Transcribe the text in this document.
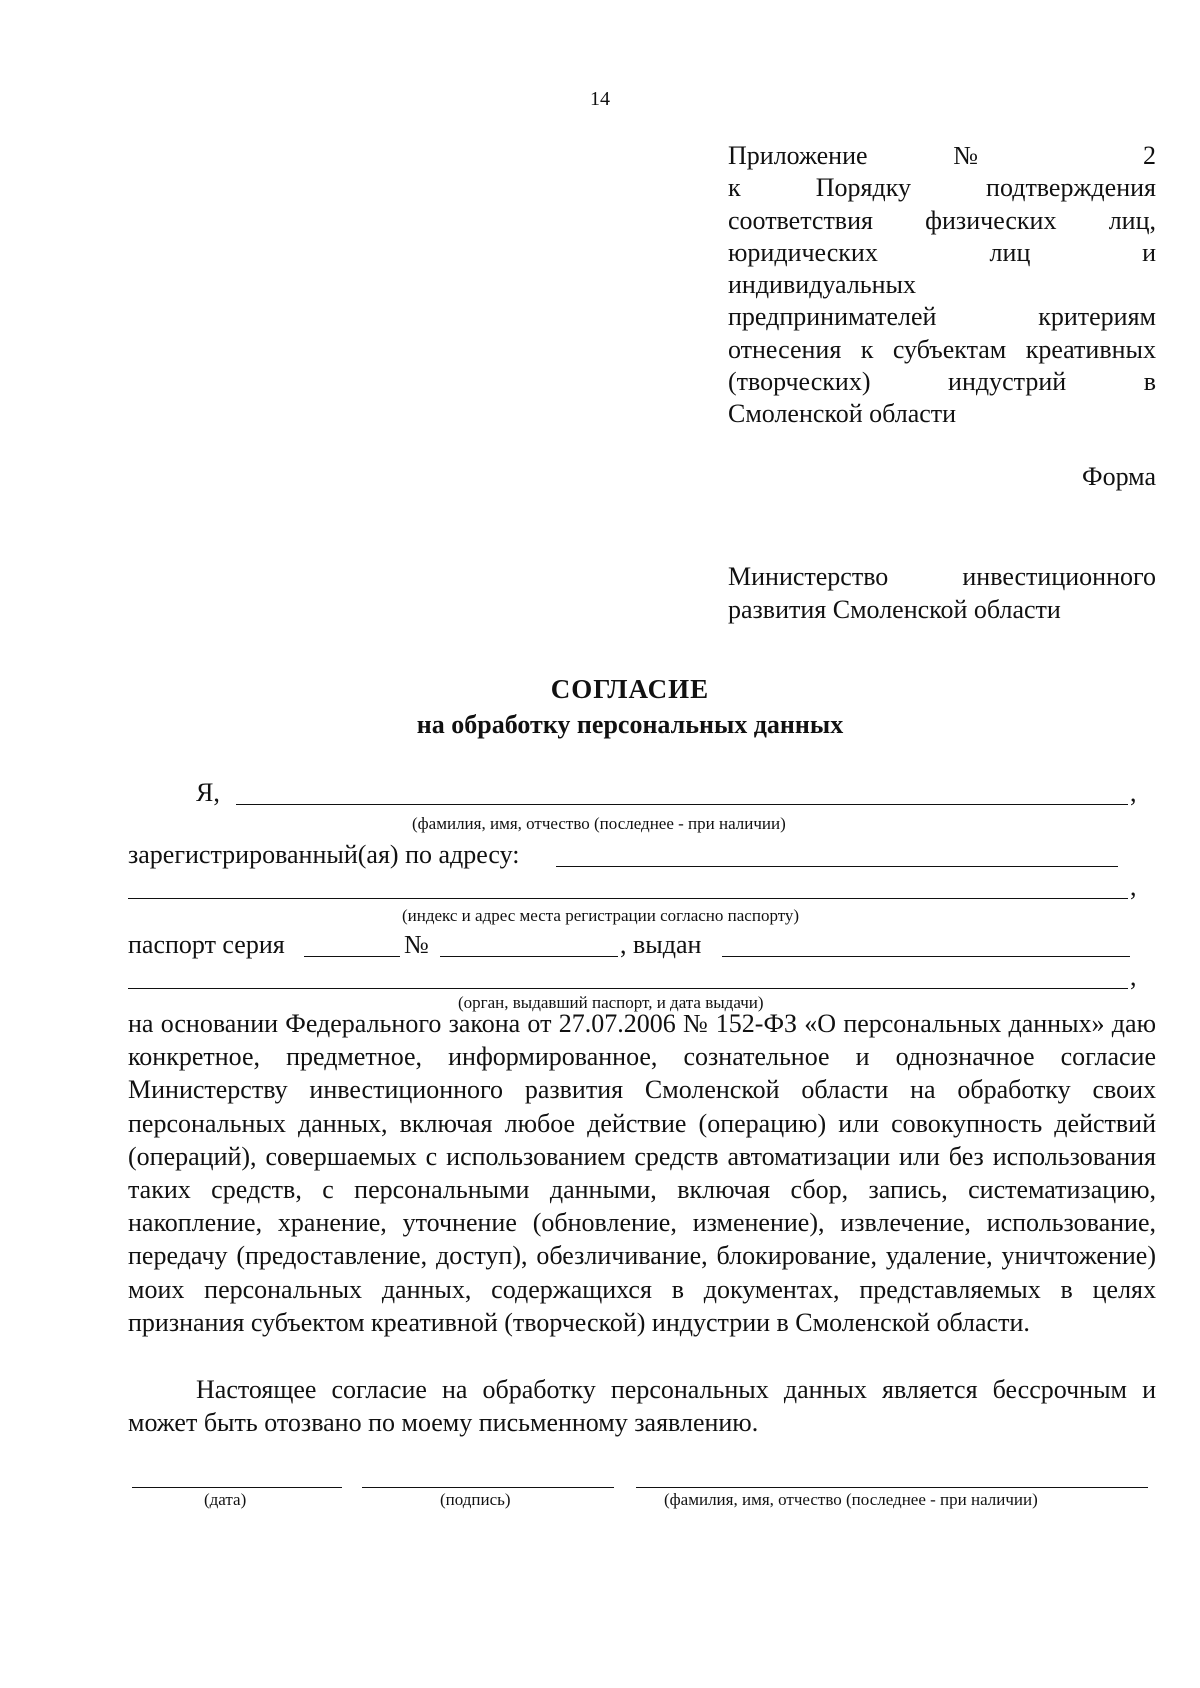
14
Приложение № 2
к Порядку подтверждения
соответствия физических лиц,
юридических лиц и
индивидуальных
предпринимателей критериям
отнесения к субъектам креативных
(творческих) индустрий в
Смоленской области
Форма
Министерство инвестиционного
развития Смоленской области
СОГЛАСИЕ
на обработку персональных данных
Я,	,
(фамилия, имя, отчество (последнее - при наличии)
зарегистрированный(ая) по адресу:
,
(индекс и адрес места регистрации согласно паспорту)
паспорт серия	№	, выдан
,
(орган, выдавший паспорт, и дата выдачи)
на основании Федерального закона от 27.07.2006 № 152-ФЗ «О персональных данных» даю конкретное, предметное, информированное, сознательное и однозначное согласие Министерству инвестиционного развития Смоленской области на обработку своих персональных данных, включая любое действие (операцию) или совокупность действий (операций), совершаемых с использованием средств автоматизации или без использования таких средств, с персональными данными, включая сбор, запись, систематизацию, накопление, хранение, уточнение (обновление, изменение), извлечение, использование, передачу (предоставление, доступ), обезличивание, блокирование, удаление, уничтожение) моих персональных данных, содержащихся в документах, представляемых в целях признания субъектом креативной (творческой) индустрии в Смоленской области.
Настоящее согласие на обработку персональных данных является бессрочным и может быть отозвано по моему письменному заявлению.
(дата)	(подпись)	(фамилия, имя, отчество (последнее - при наличии)
